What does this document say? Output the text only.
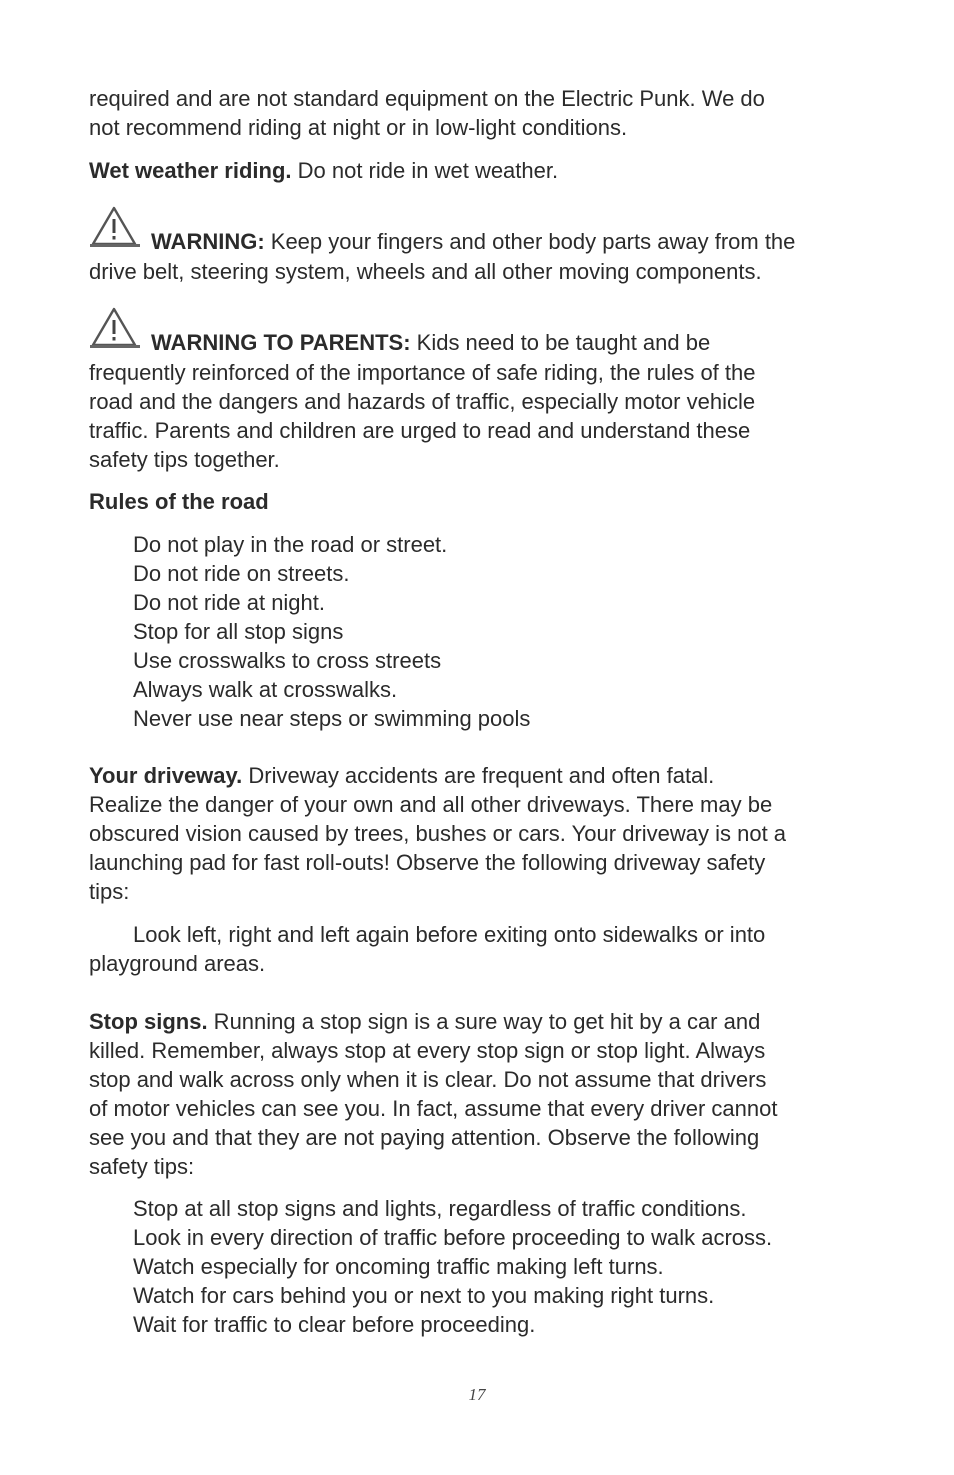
required and are not standard equipment on the Electric Punk. We do
not recommend riding at night or in low-light conditions.
Wet weather riding. Do not ride in wet weather.
WARNING: Keep your fingers and other body parts away from the
drive belt, steering system, wheels and all other moving components.
WARNING TO PARENTS: Kids need to be taught and be
frequently reinforced of the importance of safe riding, the rules of the
road and the dangers and hazards of traffic, especially motor vehicle
traffic. Parents and children are urged to read and understand these
safety tips together.
Rules of the road
Do not play in the road or street.
Do not ride on streets.
Do not ride at night.
Stop for all stop signs
Use crosswalks to cross streets
Always walk at crosswalks.
Never use near steps or swimming pools
Your driveway. Driveway accidents are frequent and often fatal.
Realize the danger of your own and all other driveways. There may be
obscured vision caused by trees, bushes or cars. Your driveway is not a
launching pad for fast roll-outs! Observe the following driveway safety
tips:
Look left, right and left again before exiting onto sidewalks or into
playground areas.
Stop signs. Running a stop sign is a sure way to get hit by a car and
killed. Remember, always stop at every stop sign or stop light. Always
stop and walk across only when it is clear. Do not assume that drivers
of motor vehicles can see you. In fact, assume that every driver cannot
see you and that they are not paying attention. Observe the following
safety tips:
Stop at all stop signs and lights, regardless of traffic conditions.
Look in every direction of traffic before proceeding to walk across.
Watch especially for oncoming traffic making left turns.
Watch for cars behind you or next to you making right turns.
Wait for traffic to clear before proceeding.
17
